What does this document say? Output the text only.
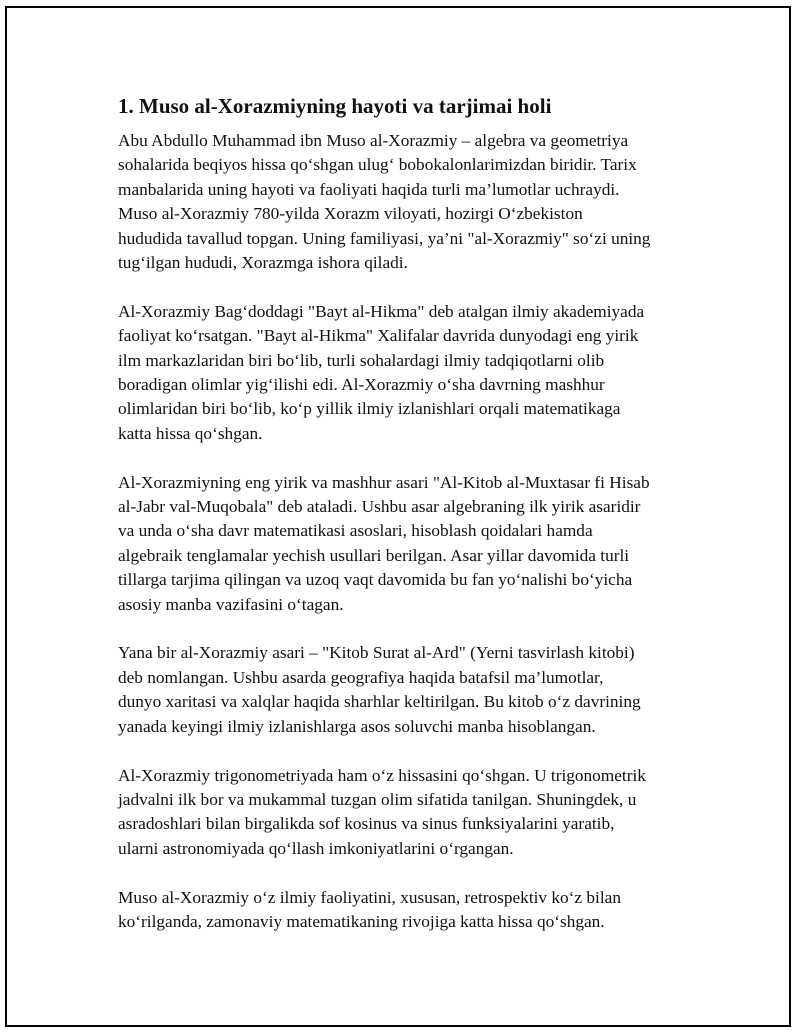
1. Muso al-Xorazmiyning hayoti va tarjimai holi

Abu Abdullo Muhammad ibn Muso al-Xorazmiy – algebra va geometriya
sohalarida beqiyos hissa qo‘shgan ulug‘ bobokalonlarimizdan biridir. Tarix
manbalarida uning hayoti va faoliyati haqida turli ma’lumotlar uchraydi.
Muso al-Xorazmiy 780-yilda Xorazm viloyati, hozirgi O‘zbekiston
hududida tavallud topgan. Uning familiyasi, ya’ni "al-Xorazmiy" so‘zi uning
tug‘ilgan hududi, Xorazmga ishora qiladi.

Al-Xorazmiy Bag‘doddagi "Bayt al-Hikma" deb atalgan ilmiy akademiyada
faoliyat ko‘rsatgan. "Bayt al-Hikma" Xalifalar davrida dunyodagi eng yirik
ilm markazlaridan biri bo‘lib, turli sohalardagi ilmiy tadqiqotlarni olib
boradigan olimlar yig‘ilishi edi. Al-Xorazmiy o‘sha davrning mashhur
olimlaridan biri bo‘lib, ko‘p yillik ilmiy izlanishlari orqali matematikaga
katta hissa qo‘shgan.

Al-Xorazmiyning eng yirik va mashhur asari "Al-Kitob al-Muxtasar fi Hisab
al-Jabr val-Muqobala" deb ataladi. Ushbu asar algebraning ilk yirik asaridir
va unda o‘sha davr matematikasi asoslari, hisoblash qoidalari hamda
algebraik tenglamalar yechish usullari berilgan. Asar yillar davomida turli
tillarga tarjima qilingan va uzoq vaqt davomida bu fan yo‘nalishi bo‘yicha
asosiy manba vazifasini o‘tagan.

Yana bir al-Xorazmiy asari – "Kitob Surat al-Ard" (Yerni tasvirlash kitobi)
deb nomlangan. Ushbu asarda geografiya haqida batafsil ma’lumotlar,
dunyo xaritasi va xalqlar haqida sharhlar keltirilgan. Bu kitob o‘z davrining
yanada keyingi ilmiy izlanishlarga asos soluvchi manba hisoblangan.

Al-Xorazmiy trigonometriyada ham o‘z hissasini qo‘shgan. U trigonometrik
jadvalni ilk bor va mukammal tuzgan olim sifatida tanilgan. Shuningdek, u
asradoshlari bilan birgalikda sof kosinus va sinus funksiyalarini yaratib,
ularni astronomiyada qo‘llash imkoniyatlarini o‘rgangan.

Muso al-Xorazmiy o‘z ilmiy faoliyatini, xususan, retrospektiv ko‘z bilan
ko‘rilganda, zamonaviy matematikaning rivojiga katta hissa qo‘shgan.
